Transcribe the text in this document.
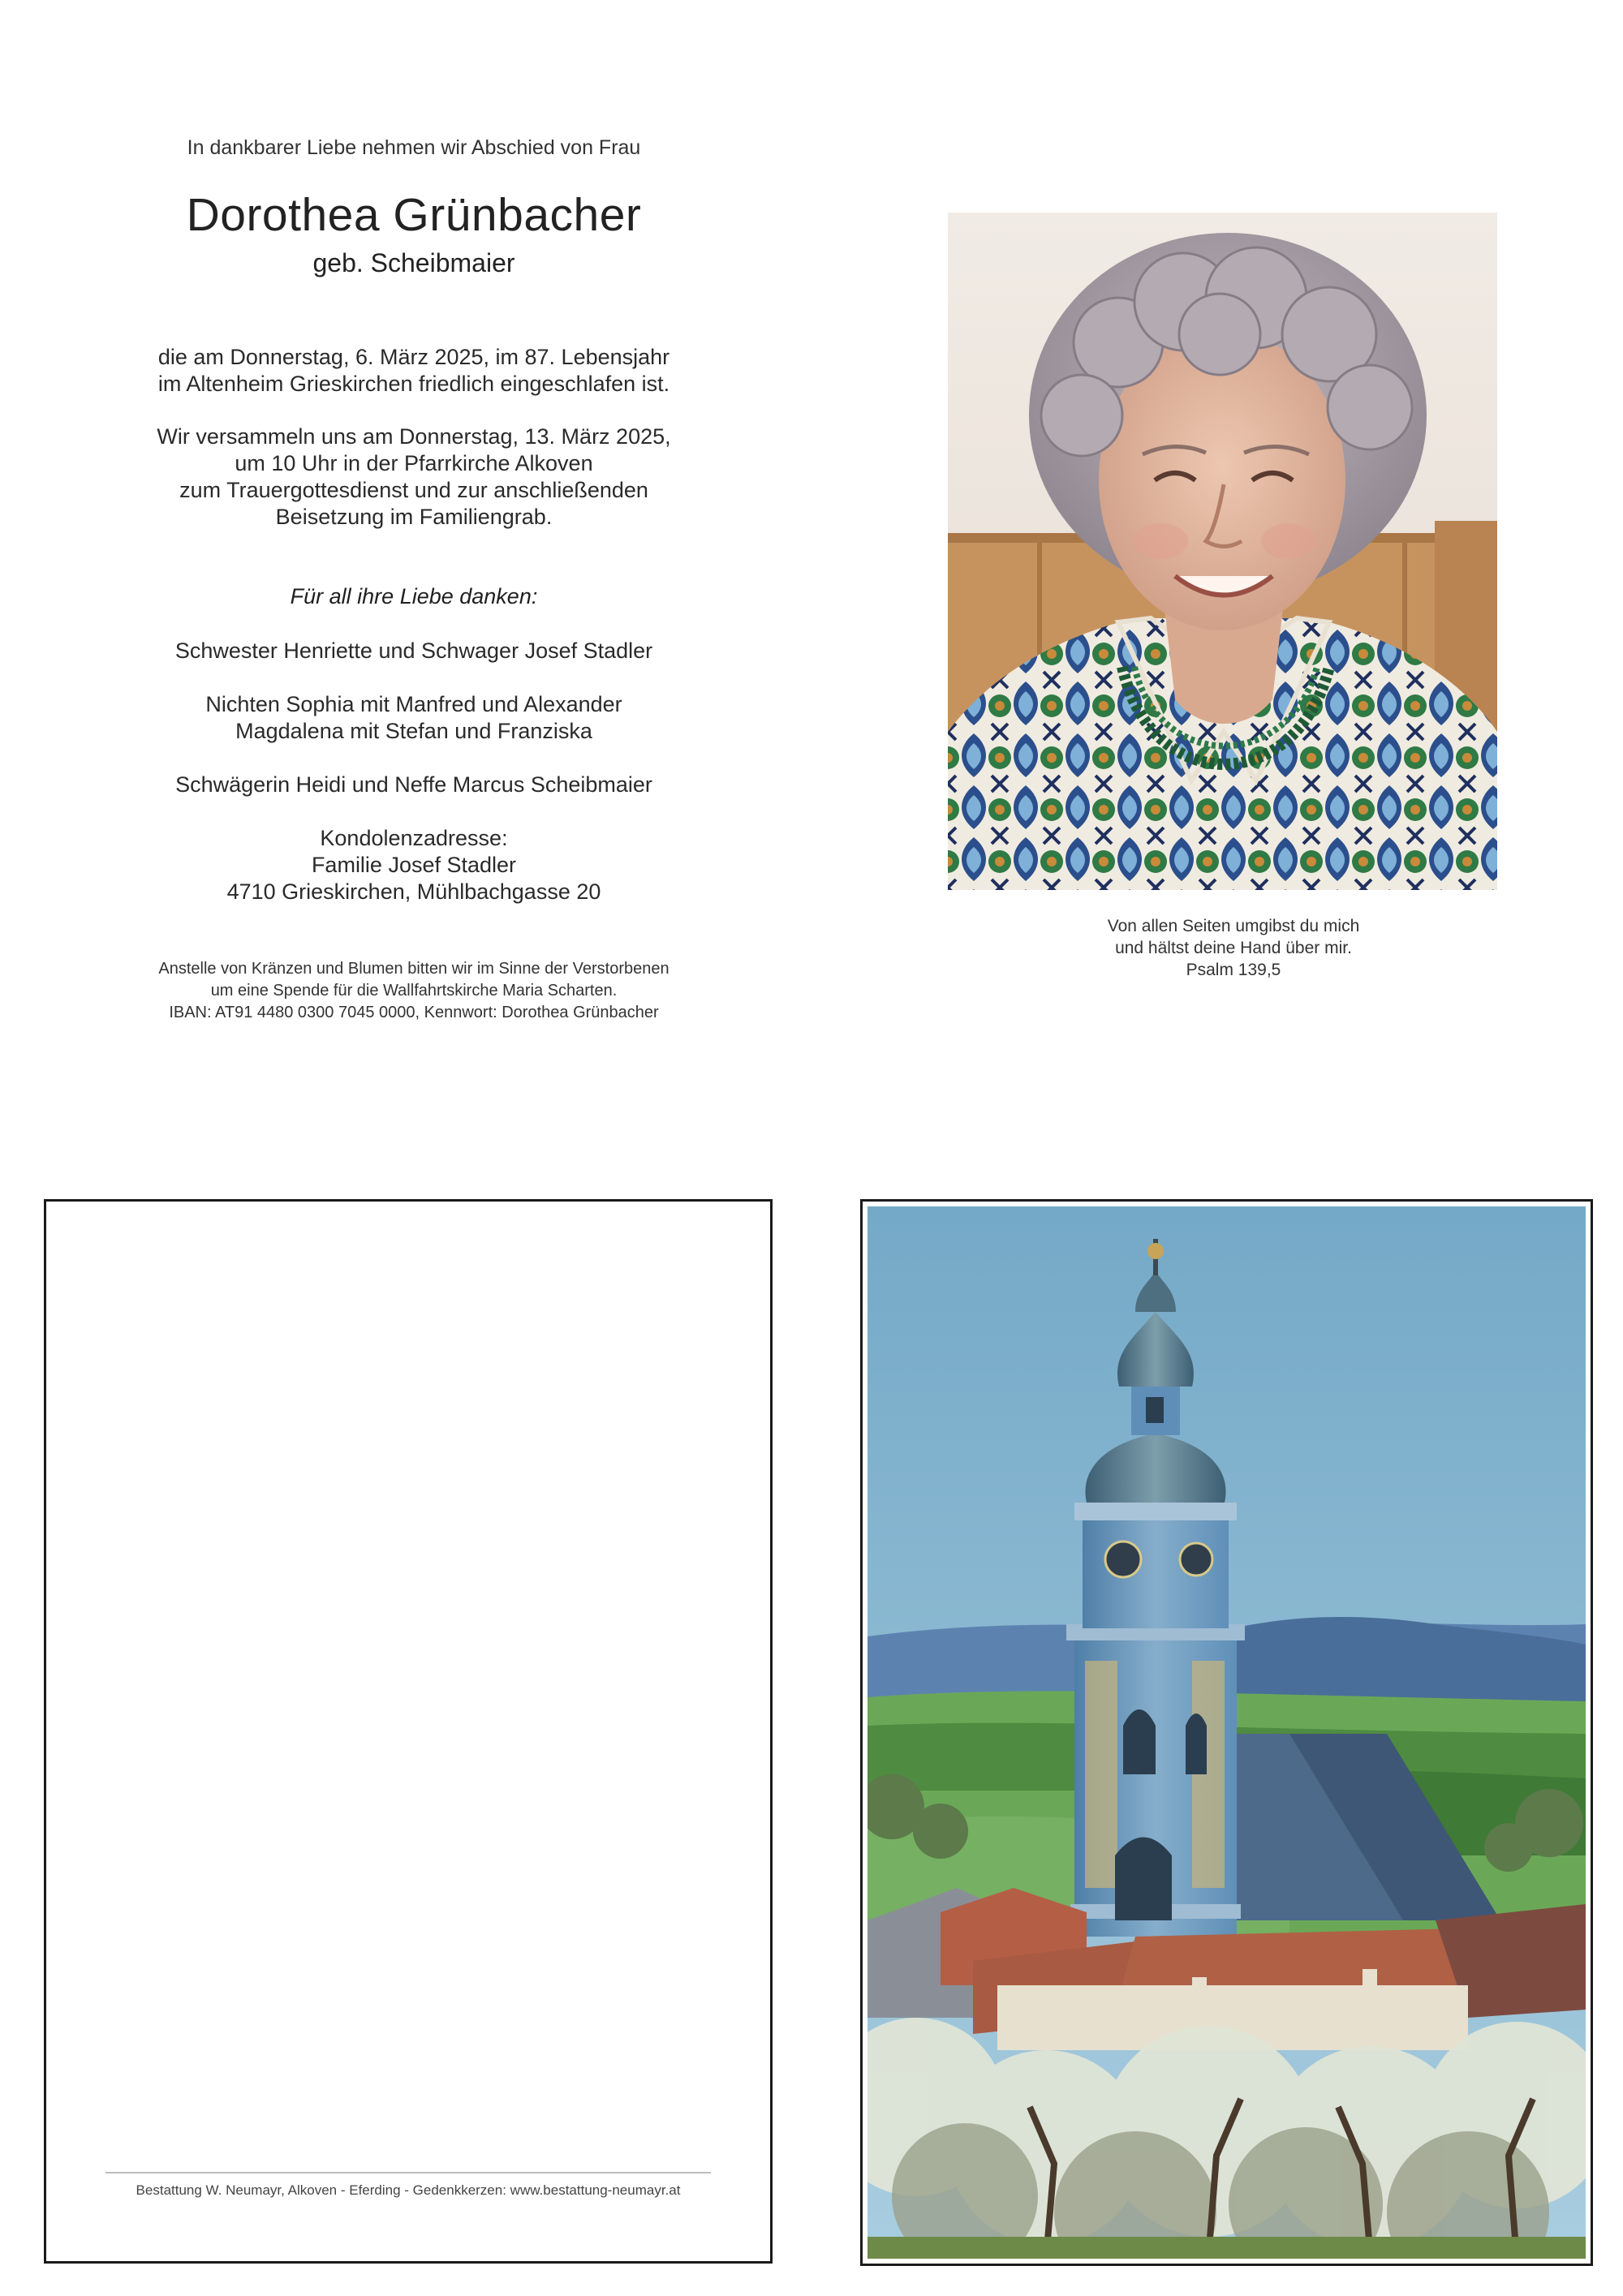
In dankbarer Liebe nehmen wir Abschied von Frau
Dorothea Grünbacher
geb. Scheibmaier
die am Donnerstag, 6. März 2025, im 87. Lebensjahr
im Altenheim Grieskirchen friedlich eingeschlafen ist.
Wir versammeln uns am Donnerstag, 13. März 2025,
um 10 Uhr in der Pfarrkirche Alkoven
zum Trauergottesdienst und zur anschließenden
Beisetzung im Familiengrab.
Für all ihre Liebe danken:
Schwester Henriette und Schwager Josef Stadler
Nichten Sophia mit Manfred und Alexander
Magdalena mit Stefan und Franziska
Schwägerin Heidi und Neffe Marcus Scheibmaier
Kondolenzadresse:
Familie Josef Stadler
4710 Grieskirchen, Mühlbachgasse 20
Anstelle von Kränzen und Blumen bitten wir im Sinne der Verstorbenen
um eine Spende für die Wallfahrtskirche Maria Scharten.
IBAN: AT91 4480 0300 7045 0000, Kennwort: Dorothea Grünbacher
Von allen Seiten umgibst du mich
und hältst deine Hand über mir.
Psalm 139,5
Bestattung W. Neumayr, Alkoven - Eferding - Gedenkkerzen: www.bestattung-neumayr.at
